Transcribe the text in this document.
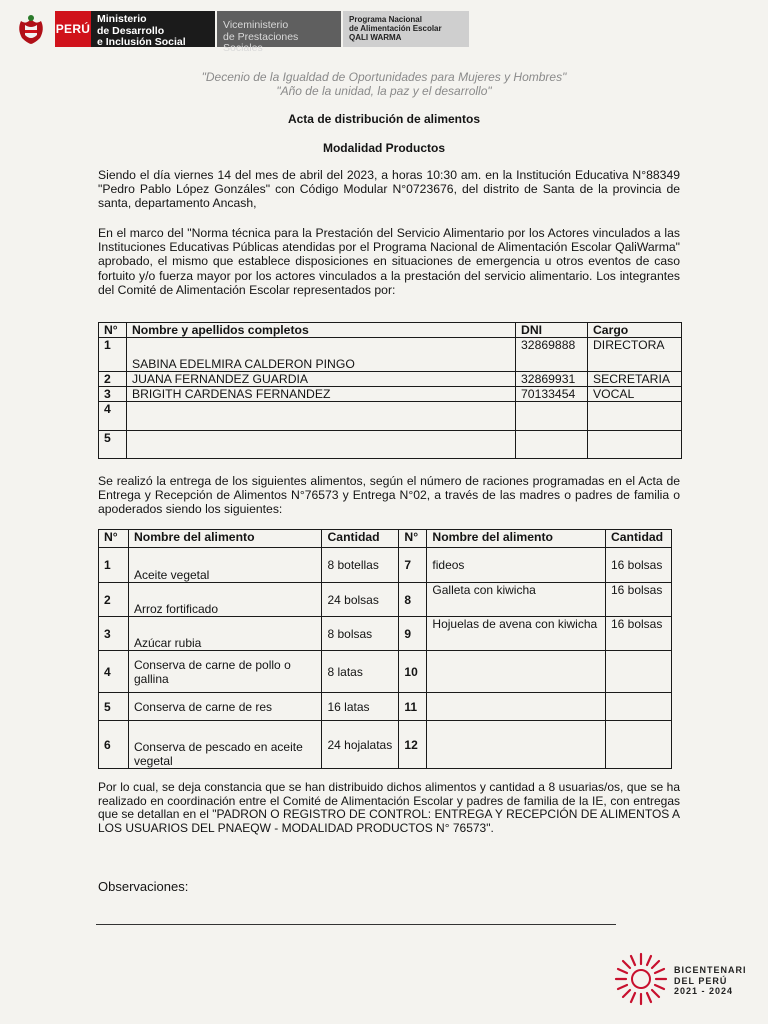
PERÚ
Ministerio
de Desarrollo
e Inclusión Social
Viceministerio
de Prestaciones Sociales
Programa Nacional
de Alimentación Escolar
QALI WARMA
"Decenio de la Igualdad de Oportunidades para Mujeres y Hombres"
"Año de la unidad, la paz y el desarrollo"
Acta de distribución de alimentos
Modalidad Productos
Siendo el día viernes 14 del mes de abril del 2023, a horas 10:30 am. en la Institución Educativa N°88349 "Pedro Pablo López Gonzáles" con Código Modular N°0723676, del distrito de Santa de la provincia de santa, departamento Ancash,
En el marco del "Norma técnica para la Prestación del Servicio Alimentario por los Actores vinculados a las Instituciones Educativas Públicas atendidas por el Programa Nacional de Alimentación Escolar QaliWarma" aprobado, el mismo que establece disposiciones en situaciones de emergencia u otros eventos de caso fortuito y/o fuerza mayor por los actores vinculados a la prestación del servicio alimentario. Los integrantes del Comité de Alimentación Escolar representados por:
N°	Nombre y apellidos completos	DNI	Cargo
1	SABINA EDELMIRA CALDERON PINGO	32869888	DIRECTORA
2	JUANA FERNANDEZ GUARDIA	32869931	SECRETARIA
3	BRIGITH CARDENAS FERNANDEZ	70133454	VOCAL
4			
5			
Se realizó la entrega de los siguientes alimentos, según el número de raciones programadas en el Acta de Entrega y Recepción de Alimentos N°76573 y Entrega N°02, a través de las madres o padres de familia o apoderados siendo los siguientes:
N°	Nombre del alimento	Cantidad	N°	Nombre del alimento	Cantidad
1	Aceite vegetal	8 botellas	7	fideos	16 bolsas
2	Arroz fortificado	24 bolsas	8	Galleta con kiwicha	16 bolsas
3	Azúcar rubia	8 bolsas	9	Hojuelas de avena con kiwicha	16 bolsas
4	Conserva de carne de pollo o gallina	8 latas	10		
5	Conserva de carne de res	16 latas	11		
6	Conserva de pescado en aceite vegetal	24 hojalatas	12		
Por lo cual, se deja constancia que se han distribuido dichos alimentos y cantidad a 8 usuarias/os, que se ha realizado en coordinación entre el Comité de Alimentación Escolar y padres de familia de la IE, con entregas que se detallan en el "PADRON O REGISTRO DE CONTROL: ENTREGA Y RECEPCIÓN DE ALIMENTOS A LOS USUARIOS DEL PNAEQW - MODALIDAD PRODUCTOS N° 76573".
Observaciones:
BICENTENARI
DEL PERÚ
2021 - 2024
